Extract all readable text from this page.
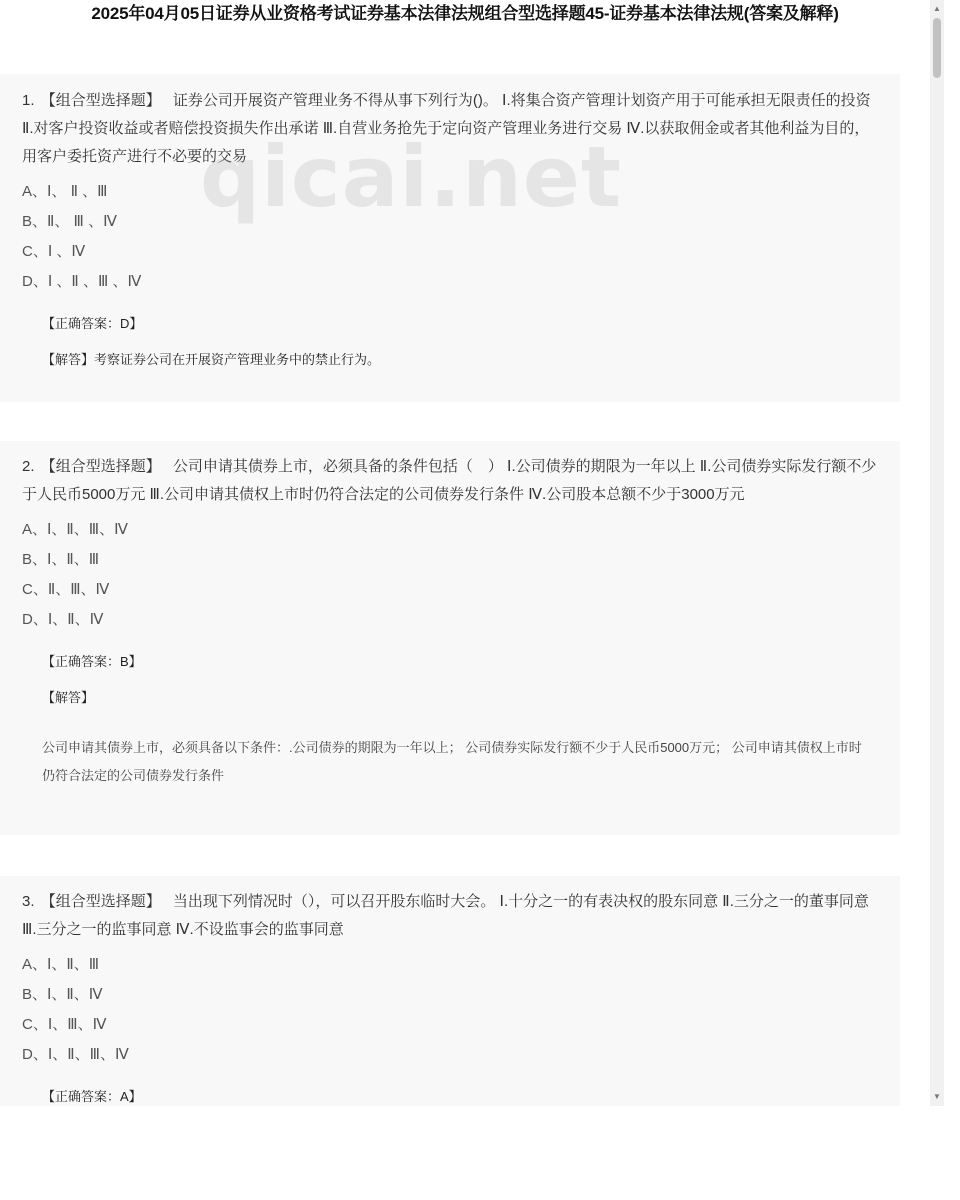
2025年04月05日证券从业资格考试证券基本法律法规组合型选择题45-证券基本法律法规(答案及解释)

1. 【组合型选择题】 证券公司开展资产管理业务不得从事下列行为()。 Ⅰ.将集合资产管理计划资产用于可能承担无限责任的投资 Ⅱ.对客户投资收益或者赔偿投资损失作出承诺 Ⅲ.自营业务抢先于定向资产管理业务进行交易 Ⅳ.以获取佣金或者其他利益为目的，用客户委托资产进行不必要的交易

A、Ⅰ、 Ⅱ 、Ⅲ
B、Ⅱ、 Ⅲ 、Ⅳ
C、Ⅰ 、Ⅳ
D、Ⅰ 、Ⅱ 、Ⅲ 、Ⅳ
【正确答案：D】
【解答】考察证券公司在开展资产管理业务中的禁止行为。

2. 【组合型选择题】 公司申请其债券上市，必须具备的条件包括（　） Ⅰ.公司债券的期限为一年以上 Ⅱ.公司债券实际发行额不少于人民币5000万元 Ⅲ.公司申请其债权上市时仍符合法定的公司债券发行条件 Ⅳ.公司股本总额不少于3000万元

A、Ⅰ、Ⅱ、Ⅲ、Ⅳ
B、Ⅰ、Ⅱ、Ⅲ
C、Ⅱ、Ⅲ、Ⅳ
D、Ⅰ、Ⅱ、Ⅳ
【正确答案：B】
【解答】
公司申请其债券上市，必须具备以下条件：.公司债券的期限为一年以上； 公司债券实际发行额不少于人民币5000万元； 公司申请其债权上市时仍符合法定的公司债券发行条件

3. 【组合型选择题】 当出现下列情况时（），可以召开股东临时大会。 Ⅰ.十分之一的有表决权的股东同意 Ⅱ.三分之一的董事同意 Ⅲ.三分之一的监事同意 Ⅳ.不设监事会的监事同意

A、Ⅰ、Ⅱ、Ⅲ
B、Ⅰ、Ⅱ、Ⅳ
C、Ⅰ、Ⅲ、Ⅳ
D、Ⅰ、Ⅱ、Ⅲ、Ⅳ
【正确答案：A】
qicai.net
▲
▼
